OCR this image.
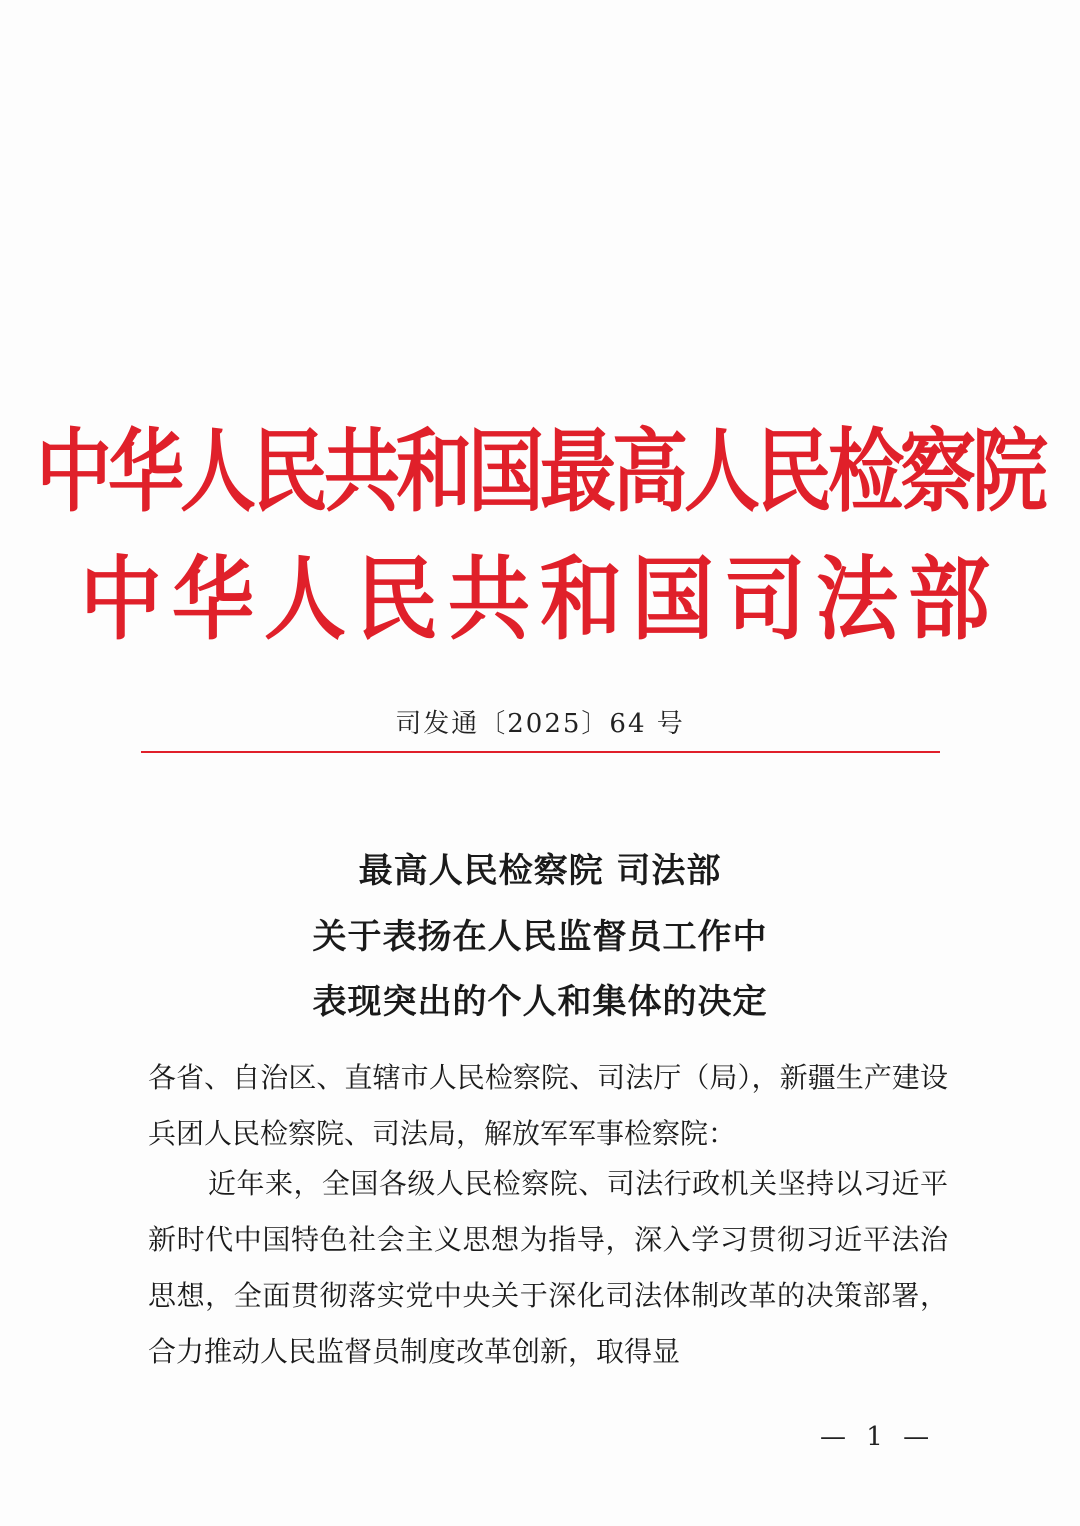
中华人民共和国最高人民检察院
中华人民共和国司法部
司发通〔2025〕64 号
最高人民检察院 司法部
关于表扬在人民监督员工作中
表现突出的个人和集体的决定

各省、自治区、直辖市人民检察院、司法厅（局），新疆生产建设兵团人民检察院、司法局，解放军军事检察院：

近年来，全国各级人民检察院、司法行政机关坚持以习近平新时代中国特色社会主义思想为指导，深入学习贯彻习近平法治思想，全面贯彻落实党中央关于深化司法体制改革的决策部署，合力推动人民监督员制度改革创新，取得显

— 1 —
